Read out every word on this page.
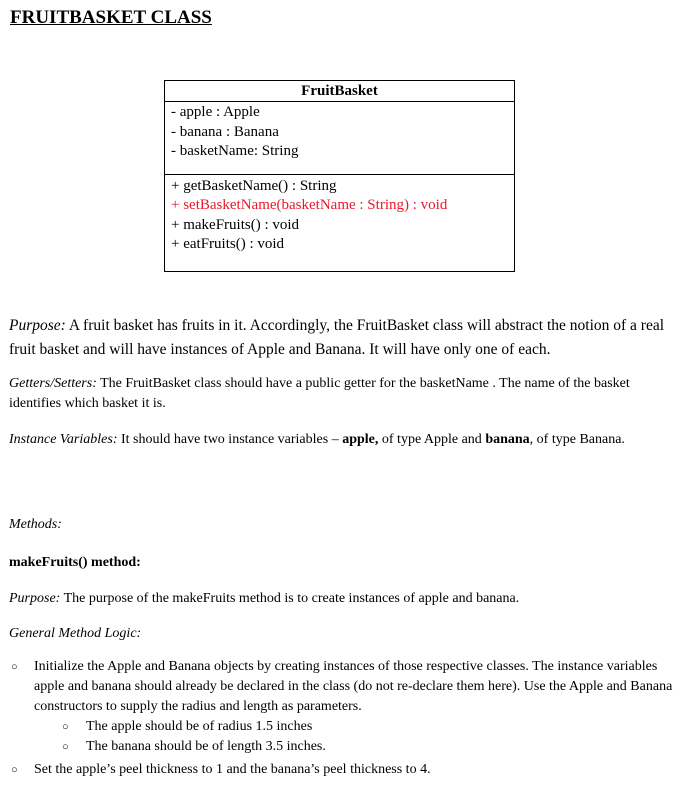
FRUITBASKET CLASS
FruitBasket
- apple : Apple
- banana : Banana
- basketName: String
+ getBasketName() : String
+ setBasketName(basketName : String) : void
+ makeFruits() : void
+ eatFruits() : void
Purpose: A fruit basket has fruits in it. Accordingly, the FruitBasket class will abstract the notion of a real fruit basket and will have instances of Apple and Banana. It will have only one of each.
Getters/Setters: The FruitBasket class should have a public getter for the basketName . The name of the basket identifies which basket it is.
Instance Variables: It should have two instance variables – apple, of type Apple and banana, of type Banana.
Methods:
makeFruits() method:
Purpose: The purpose of the makeFruits method is to create instances of apple and banana.
General Method Logic:
○ Initialize the Apple and Banana objects by creating instances of those respective classes. The instance variables apple and banana should already be declared in the class (do not re-declare them here). Use the Apple and Banana constructors to supply the radius and length as parameters.
○ The apple should be of radius 1.5 inches
○ The banana should be of length 3.5 inches.
○ Set the apple’s peel thickness to 1 and the banana’s peel thickness to 4.
